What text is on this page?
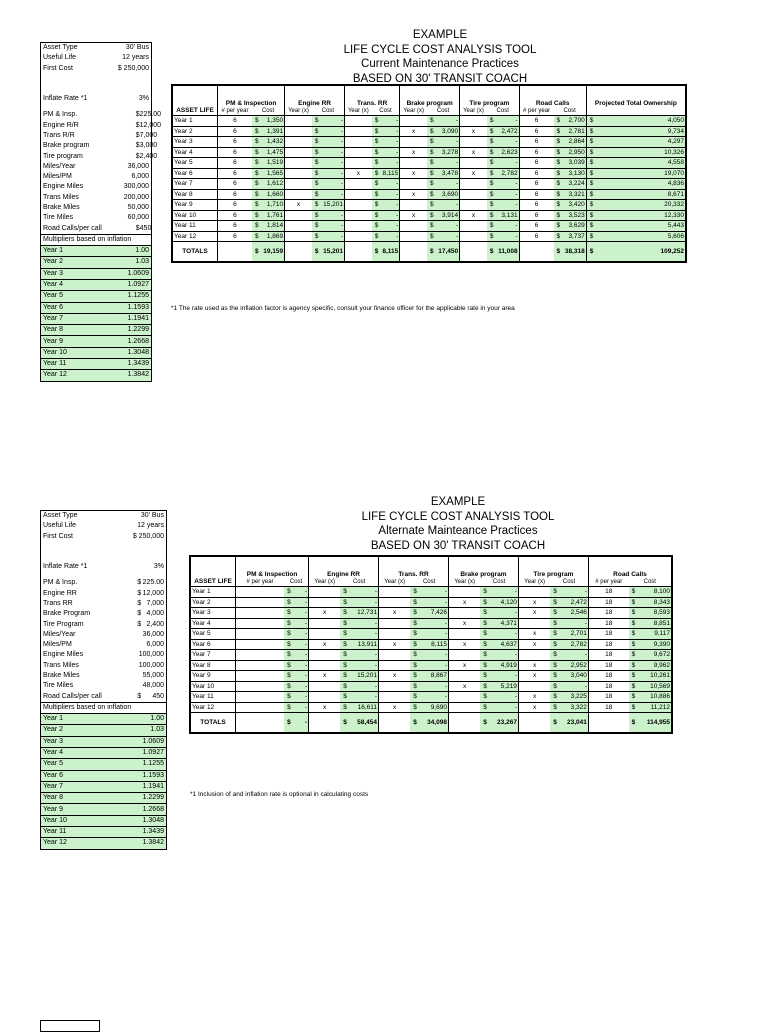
EXAMPLE
LIFE CYCLE COST ANALYSIS TOOL
Current Maintenance Practices
BASED ON 30' TRANSIT COACH
Asset Type	30' Bus
Useful Life	12 years
First Cost	$ 250,000

Inflate Rate *1	3%

PM & Insp.	$ 225.00
Engine R/R	$ 12,000
Trans R/R	$ 7,000
Brake program	$ 3,000
Tire program	$ 2,400
Miles/Year	36,000
Miles/PM	6,000
Engine Miles	300,000
Trans Miles	200,000
Brake Miles	50,000
Tire Miles	60,000
Road Calls/per call	$ 450
Multipliers based on inflation	
Year 1	1.00
Year 2	1.03
Year 3	1.0609
Year 4	1.0927
Year 5	1.1255
Year 6	1.1593
Year 7	1.1941
Year 8	1.2299
Year 9	1.2668
Year 10	1.3048
Year 11	1.3439
Year 12	1.3842
ASSET LIFE	PM & Inspection		Engine RR		Trans. RR		Brake program		Tire program		Road Calls		Projected Total Ownership
	# per year	Cost	Year (x)	Cost	Year (x)	Cost	Year (x)	Cost	Year (x)	Cost	# per year	Cost	
Year 1	6	$ 1,350		$ -		$ -		$ -		$ -	6	$ 2,700	$ 4,050
Year 2	6	$ 1,391		$ -		$ -	x	$ 3,090	x	$ 2,472	6	$ 2,781	$ 9,734
Year 3	6	$ 1,432		$ -		$ -		$ -		$ -	6	$ 2,864	$ 4,297
Year 4	6	$ 1,475		$ -		$ -	x	$ 3,278	x	$ 2,623	6	$ 2,950	$ 10,326
Year 5	6	$ 1,519		$ -		$ -		$ -		$ -	6	$ 3,039	$ 4,558
Year 6	6	$ 1,565		$ -	x	$ 8,115	x	$ 3,478	x	$ 2,782	6	$ 3,130	$ 19,070
Year 7	6	$ 1,612		$ -		$ -		$ -		$ -	6	$ 3,224	$ 4,836
Year 8	6	$ 1,660		$ -		$ -	x	$ 3,690		$ -	6	$ 3,321	$ 8,671
Year 9	6	$ 1,710	x	$ 15,201		$ -		$ -		$ -	6	$ 3,420	$ 20,332
Year 10	6	$ 1,761		$ -		$ -	x	$ 3,914	x	$ 3,131	6	$ 3,523	$ 12,330
Year 11	6	$ 1,814		$ -		$ -		$ -		$ -	6	$ 3,629	$ 5,443
Year 12	6	$ 1,869		$ -		$ -		$ -		$ -	6	$ 3,737	$ 5,606
TOTALS		$ 19,159		$ 15,201		$ 8,115		$ 17,450		$ 11,008		$ 38,318	$ 109,252
*1 The rate used as the inflation factor is agency specific, consult your finance officer for the applicable rate in your area
EXAMPLE
LIFE CYCLE COST ANALYSIS TOOL
Alternate Mainteance Practices
BASED ON 30' TRANSIT COACH
Asset Type	30' Bus
Useful Life	12 years
First Cost	$ 250,000

Inflate Rate *1	3%

PM & Insp.	$ 225.00
Engine RR	$ 12,000
Trans RR	$ 7,000
Brake Program	$ 4,000
Tire Program	$ 2,400
Miles/Year	36,000
Miles/PM	6,000
Engine Miles	100,000
Trans Miles	100,000
Brake Miles	55,000
Tire Miles	48,000
Road Calls/per call	$ 450
Multipliers based on inflation	
Year 1	1.00
Year 2	1.03
Year 3	1.0609
Year 4	1.0927
Year 5	1.1255
Year 6	1.1593
Year 7	1.1941
Year 8	1.2299
Year 9	1.2668
Year 10	1.3048
Year 11	1.3439
Year 12	1.3842
ASSET LIFE	PM & Inspection		Engine RR		Trans. RR		Brake program		Tire program		Road Calls	
	# per year	Cost	Year (x)	Cost	Year (x)	Cost	Year (x)	Cost	Year (x)	Cost	# per year	Cost
Year 1		$ -		$ -		$ -		$ -		$ -	18	$ 8,100
Year 2		$ -		$ -		$ -	x	$ 4,120	x	$ 2,472	18	$ 8,343
Year 3		$ -	x	$ 12,731	x	$ 7,426		$ -	x	$ 2,546	18	$ 8,593
Year 4		$ -		$ -		$ -	x	$ 4,371		$ -	18	$ 8,851
Year 5		$ -		$ -		$ -		$ -	x	$ 2,701	18	$ 9,117
Year 6		$ -	x	$ 13,911	x	$ 8,115	x	$ 4,637	x	$ 2,782	18	$ 9,390
Year 7		$ -		$ -		$ -		$ -		$ -	18	$ 9,672
Year 8		$ -		$ -		$ -	x	$ 4,919	x	$ 2,952	18	$ 9,962
Year 9		$ -	x	$ 15,201	x	$ 8,867		$ -	x	$ 3,040	18	$ 10,261
Year 10		$ -		$ -		$ -	x	$ 5,219		$ -	18	$ 10,569
Year 11		$ -		$ -		$ -		$ -	x	$ 3,225	18	$ 10,886
Year 12		$ -	x	$ 16,611	x	$ 9,690		$ -	x	$ 3,322	18	$ 11,212
TOTALS		$ -		$ 58,454		$ 34,098		$ 23,267		$ 23,041		$ 114,955
*1 Inclusion of and inflation rate is optional in calculating costs
